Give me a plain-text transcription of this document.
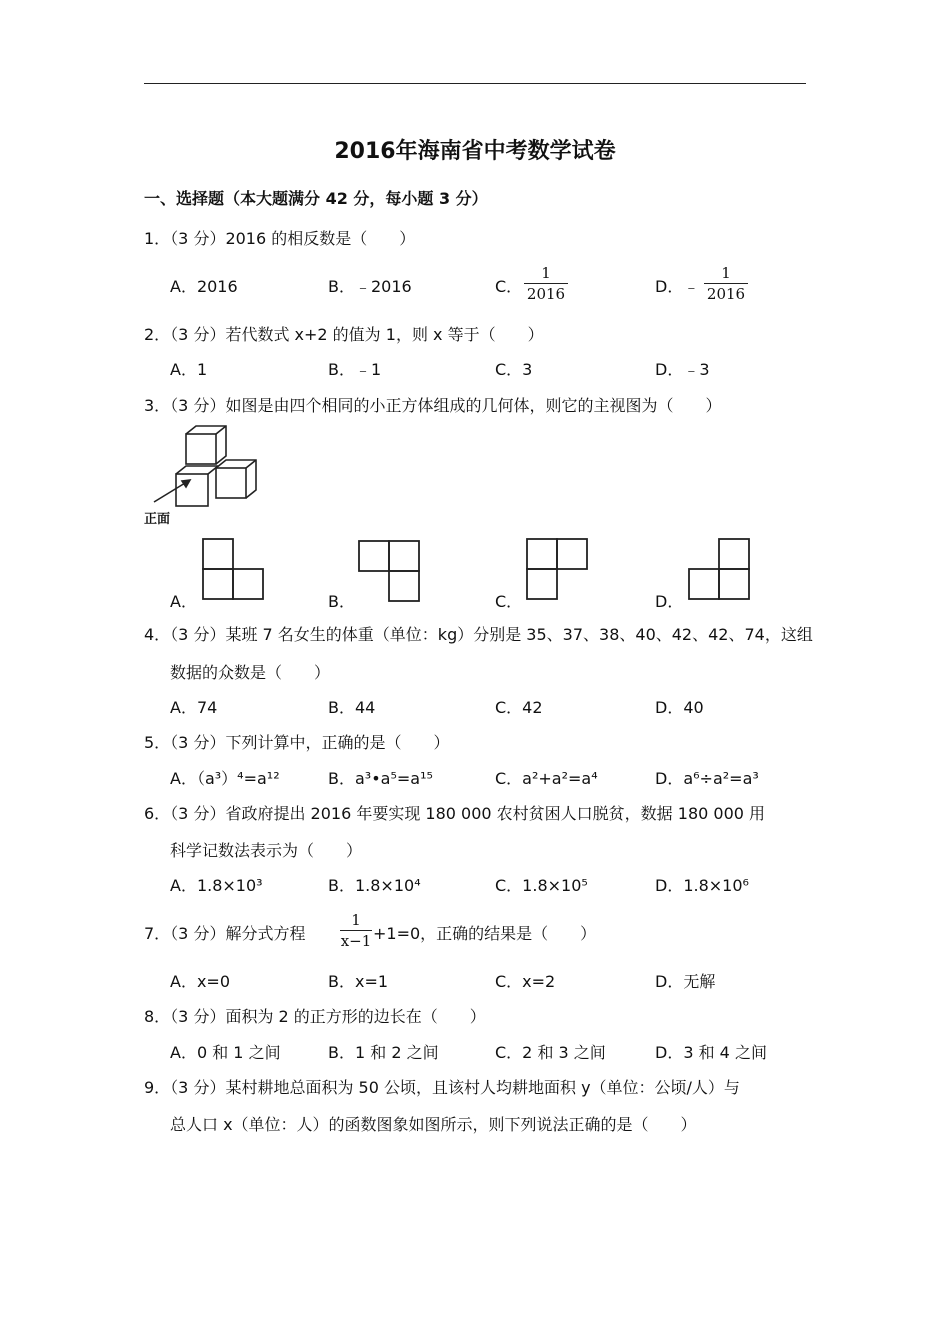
2016年海南省中考数学试卷
一、选择题（本大题满分 42 分，每小题 3 分）
1．（3 分）2016 的相反数是（　　）
A．2016	B．﹣2016	C．
1
2016	D．﹣
1
2016
2．（3 分）若代数式 x+2 的值为 1，则 x 等于（　　）
A．1	B．﹣1	C．3	D．﹣3
3．（3 分）如图是由四个相同的小正方体组成的几何体，则它的主视图为（　　）
正面
A．	B．	C．	D．
4．（3 分）某班 7 名女生的体重（单位：kg）分别是 35、37、38、40、42、42、74，这组
数据的众数是（　　）
A．74	B．44	C．42	D．40
5．（3 分）下列计算中，正确的是（　　）
A．（a³）⁴=a¹²	B．a³•a⁵=a¹⁵	C．a²+a²=a⁴	D．a⁶÷a²=a³
6．（3 分）省政府提出 2016 年要实现 180 000 农村贫困人口脱贫，数据 180 000 用
科学记数法表示为（　　）
A．1.8×10³	B．1.8×10⁴	C．1.8×10⁵	D．1.8×10⁶
7．（3 分）解分式方程
1
x−1 +1=0，正确的结果是（　　）
A．x=0	B．x=1	C．x=2	D．无解
8．（3 分）面积为 2 的正方形的边长在（　　）
A．0 和 1 之间	B．1 和 2 之间	C．2 和 3 之间	D．3 和 4 之间
9．（3 分）某村耕地总面积为 50 公顷，且该村人均耕地面积 y（单位：公顷/人）与
总人口 x（单位：人）的函数图象如图所示，则下列说法正确的是（　　）
